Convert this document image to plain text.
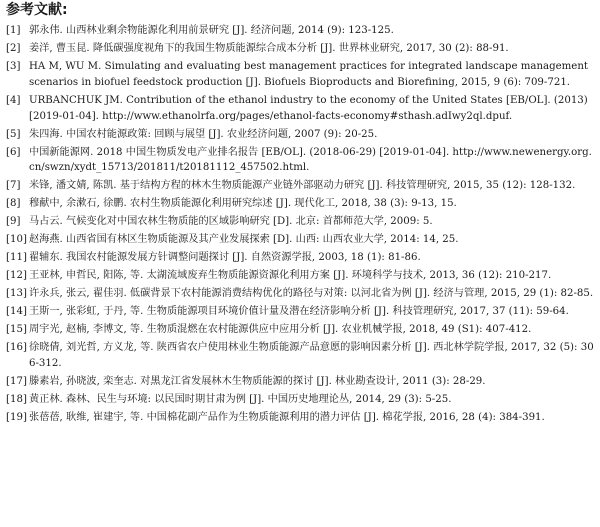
参考文献:
[1] 郭永伟. 山西林业剩余物能源化利用前景研究 [J]. 经济问题, 2014 (9): 123-125.
[2] 姜洋, 曹玉昆. 降低碳强度视角下的我国生物质能源综合成本分析 [J]. 世界林业研究, 2017, 30 (2): 88-91.
[3] HA M, WU M. Simulating and evaluating best management practices for integrated landscape management scenarios in biofuel feedstock production [J]. Biofuels Bioproducts and Biorefining, 2015, 9 (6): 709-721.
[4] URBANCHUK JM. Contribution of the ethanol industry to the economy of the United States [EB/OL]. (2013) [2019-01-04]. http://www.ethanolrfa.org/pages/ethanol-facts-economy#sthash.adIwy2ql.dpuf.
[5] 朱四海. 中国农村能源政策: 回顾与展望 [J]. 农业经济问题, 2007 (9): 20-25.
[6] 中国新能源网. 2018 中国生物质发电产业排名报告 [EB/OL]. (2018-06-29) [2019-01-04]. http://www.newenergy.org.cn/swzn/xydt_15713/201811/t20181112_457502.html.
[7] 米锋, 潘文婧, 陈凯. 基于结构方程的林木生物质能源产业链外部驱动力研究 [J]. 科技管理研究, 2015, 35 (12): 128-132.
[8] 穆献中, 余漱石, 徐鹏. 农村生物质能源化利用研究综述 [J]. 现代化工, 2018, 38 (3): 9-13, 15.
[9] 马占云. 气候变化对中国农林生物质能的区域影响研究 [D]. 北京: 首都师范大学, 2009: 5.
[10] 赵海燕. 山西省国有林区生物质能源及其产业发展探索 [D]. 山西: 山西农业大学, 2014: 14, 25.
[11] 翟辅东. 我国农村能源发展方针调整问题探讨 [J]. 自然资源学报, 2003, 18 (1): 81-86.
[12] 王亚林, 申哲民, 阳陈, 等. 太湖流域废弃生物质能源资源化利用方案 [J]. 环境科学与技术, 2013, 36 (12): 210-217.
[13] 许永兵, 张云, 翟佳羽. 低碳背景下农村能源消费结构优化的路径与对策: 以河北省为例 [J]. 经济与管理, 2015, 29 (1): 82-85.
[14] 王斯一, 张彩虹, 于丹, 等. 生物质能源项目环境价值计量及潜在经济影响分析 [J]. 科技管理研究, 2017, 37 (11): 59-64.
[15] 周宇光, 赵楠, 李博文, 等. 生物质混燃在农村能源供应中应用分析 [J]. 农业机械学报, 2018, 49 (S1): 407-412.
[16] 徐晓倩, 刘光哲, 方义龙, 等. 陕西省农户使用林业生物质能源产品意愿的影响因素分析 [J]. 西北林学院学报, 2017, 32 (5): 306-312.
[17] 滕素岩, 孙晓波, 栾奎志. 对黑龙江省发展林木生物质能源的探讨 [J]. 林业勘查设计, 2011 (3): 28-29.
[18] 黄正林. 森林、民生与环境: 以民国时期甘肃为例 [J]. 中国历史地理论丛, 2014, 29 (3): 5-25.
[19] 张蓓蓓, 耿维, 崔建宇, 等. 中国棉花副产品作为生物质能源利用的潜力评估 [J]. 棉花学报, 2016, 28 (4): 384-391.
